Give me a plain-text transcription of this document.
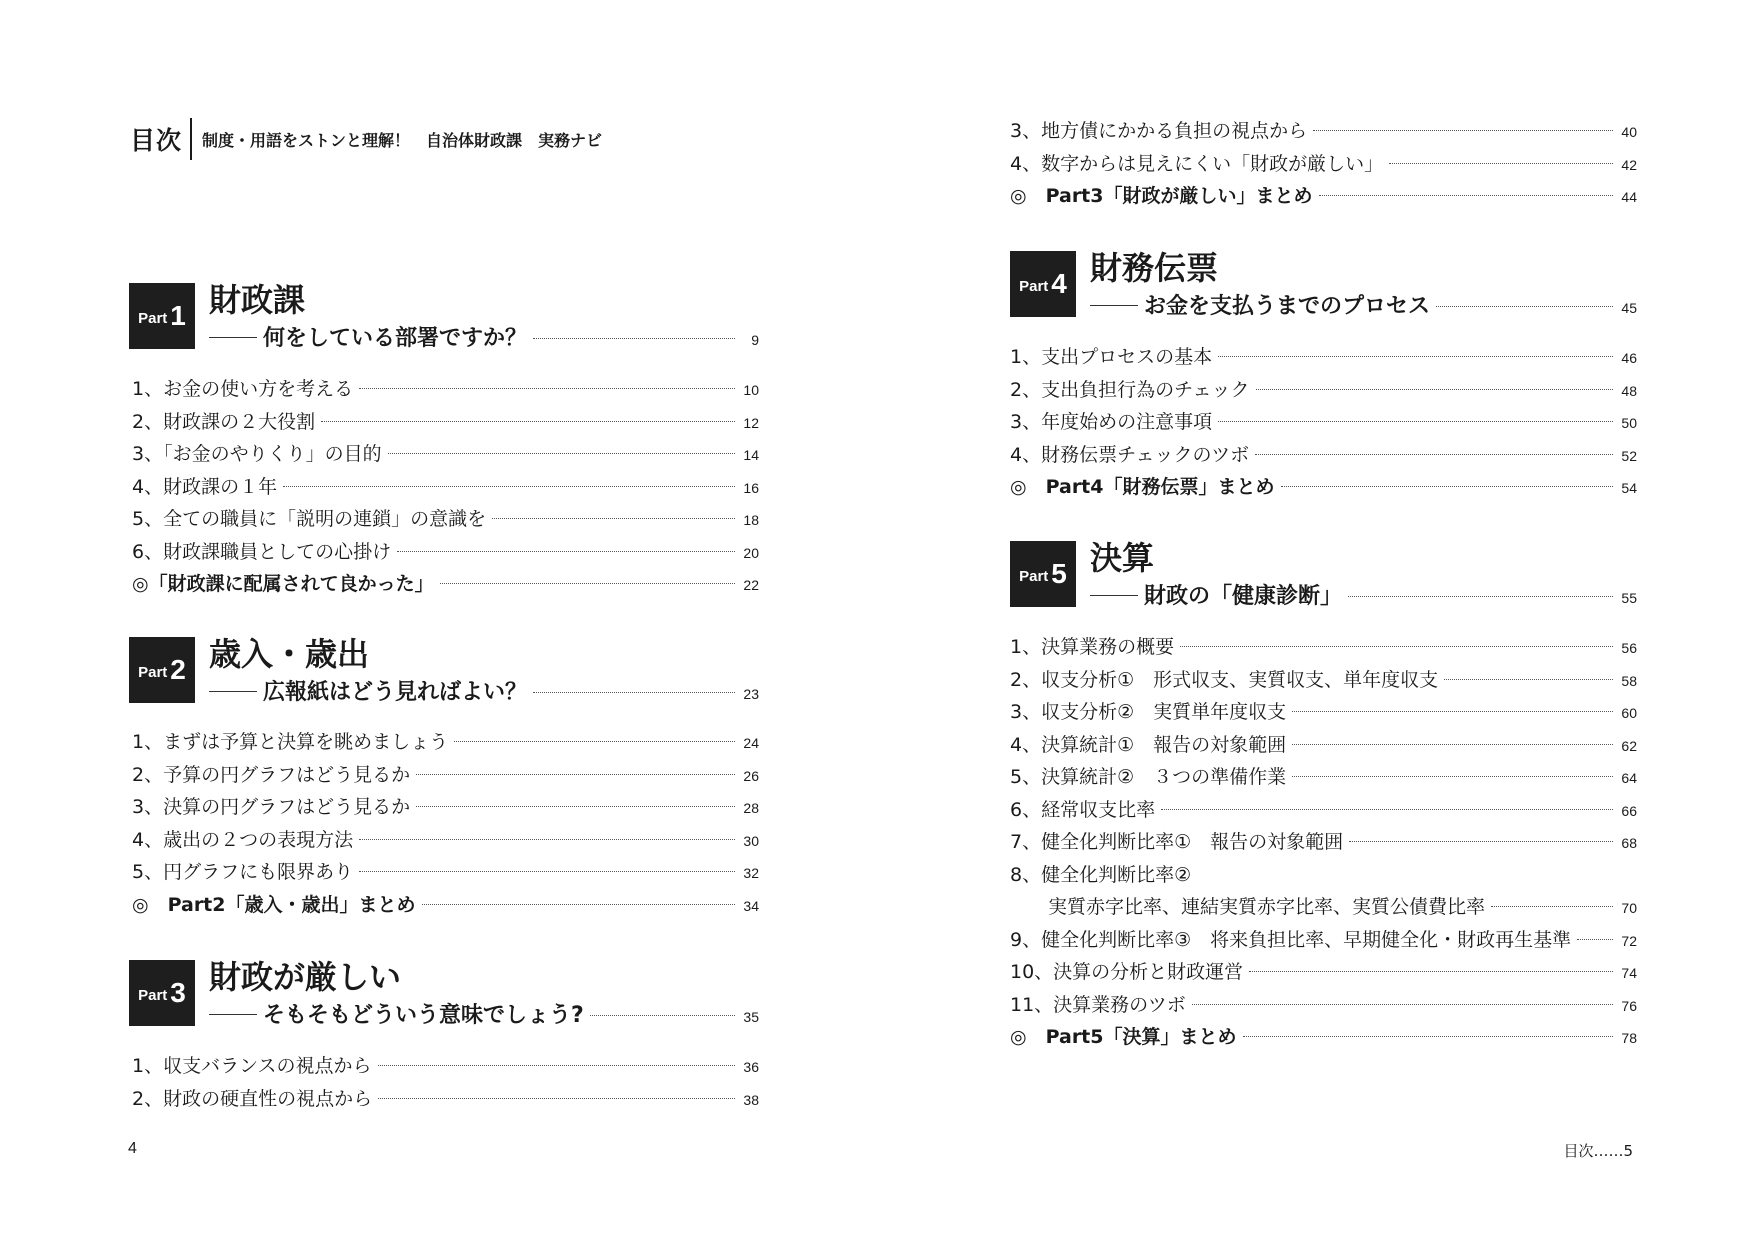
目次 制度・用語をストンと理解！　自治体財政課　実務ナビ
Part 1 財政課
何をしている部署ですか？	9
1、お金の使い方を考える	10
2、財政課の２大役割	12
3、「お金のやりくり」の目的	14
4、財政課の１年	16
5、全ての職員に「説明の連鎖」の意識を	18
6、財政課職員としての心掛け	20
◎「財政課に配属されて良かった」	22
Part 2 歳入・歳出
広報紙はどう見ればよい？	23
1、まずは予算と決算を眺めましょう	24
2、予算の円グラフはどう見るか	26
3、決算の円グラフはどう見るか	28
4、歳出の２つの表現方法	30
5、円グラフにも限界あり	32
◎　Part2「歳入・歳出」まとめ	34
Part 3 財政が厳しい
そもそもどういう意味でしょう?	35
1、収支バランスの視点から	36
2、財政の硬直性の視点から	38
3、地方債にかかる負担の視点から	40
4、数字からは見えにくい「財政が厳しい」	42
◎　Part3「財政が厳しい」まとめ	44
Part 4 財務伝票
お金を支払うまでのプロセス	45
1、支出プロセスの基本	46
2、支出負担行為のチェック	48
3、年度始めの注意事項	50
4、財務伝票チェックのツボ	52
◎　Part4「財務伝票」まとめ	54
Part 5 決算
財政の「健康診断」	55
1、決算業務の概要	56
2、収支分析①　形式収支、実質収支、単年度収支	58
3、収支分析②　実質単年度収支	60
4、決算統計①　報告の対象範囲	62
5、決算統計②　３つの準備作業	64
6、経常収支比率	66
7、健全化判断比率①　報告の対象範囲	68
8、健全化判断比率②
実質赤字比率、連結実質赤字比率、実質公債費比率	70
9、健全化判断比率③　将来負担比率、早期健全化・財政再生基準	72
10、決算の分析と財政運営	74
11、決算業務のツボ	76
◎　Part5「決算」まとめ	78
4	目次……5
